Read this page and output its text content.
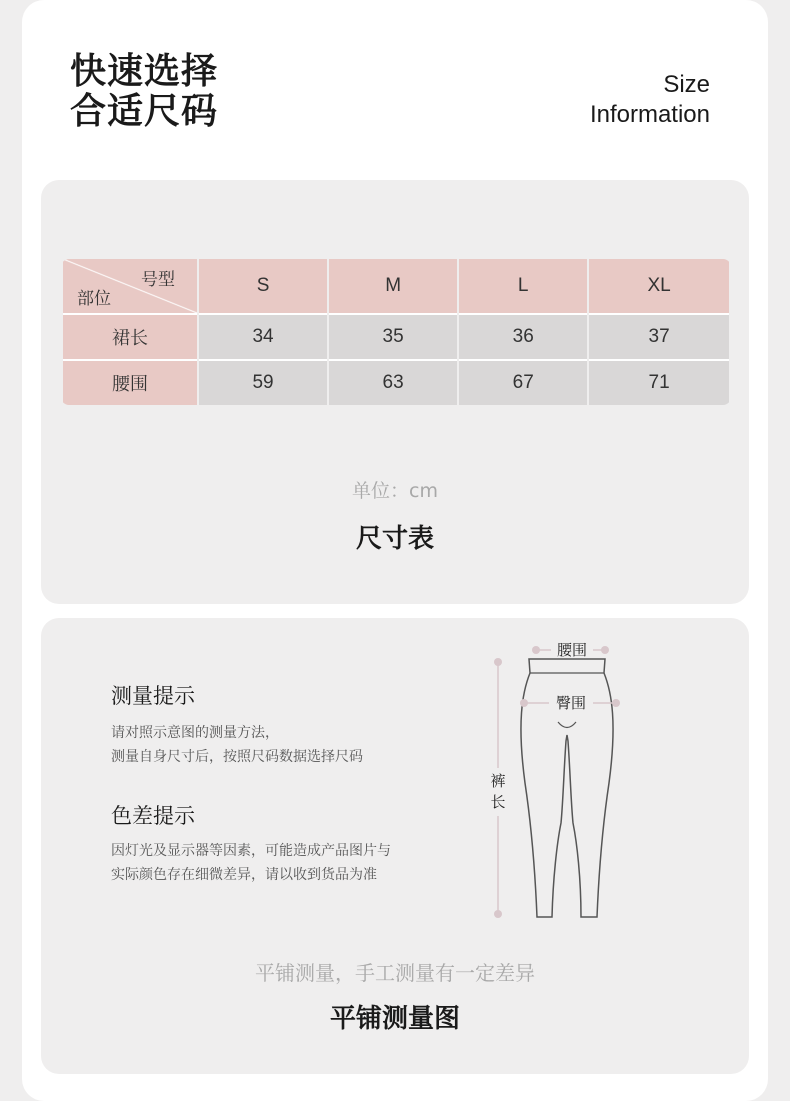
快速选择
合适尺码
Size
Information
号型
部位	S	M	L	XL
裙长	34	35	36	37
腰围	59	63	67	71
单位：cm
尺寸表
测量提示
请对照示意图的测量方法，
测量自身尺寸后，按照尺码数据选择尺码
色差提示
因灯光及显示器等因素，可能造成产品图片与
实际颜色存在细微差异，请以收到货品为准
腰围
臀围
裤
长
平铺测量，手工测量有一定差异
平铺测量图
